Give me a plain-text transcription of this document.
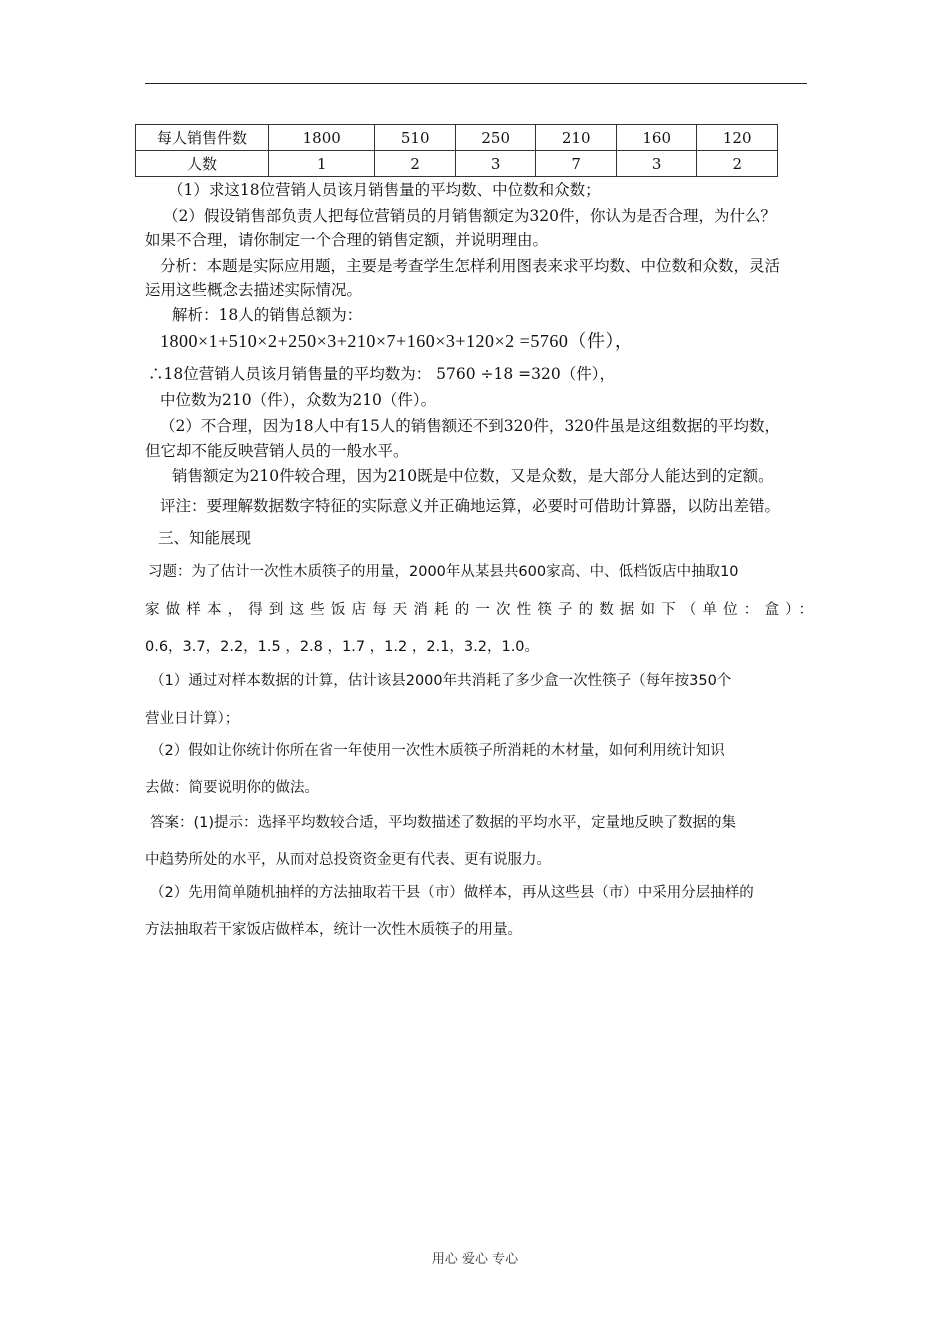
每人销售件数	1800	510	250	210	160	120
人数	1	2	3	7	3	2
（1）求这18位营销人员该月销售量的平均数、中位数和众数；
（2）假设销售部负责人把每位营销员的月销售额定为320件，你认为是否合理，为什么？
如果不合理，请你制定一个合理的销售定额，并说明理由。
分析：本题是实际应用题，主要是考查学生怎样利用图表来求平均数、中位数和众数，灵活
运用这些概念去描述实际情况。
解析：18人的销售总额为：
1800×1+510×2+250×3+210×7+160×3+120×2 =5760（件），
∴18位营销人员该月销售量的平均数为： 5760 ÷18 =320（件），
中位数为210（件），众数为210（件）。
（2）不合理，因为18人中有15人的销售额还不到320件，320件虽是这组数据的平均数，
但它却不能反映营销人员的一般水平。
销售额定为210件较合理，因为210既是中位数，又是众数，是大部分人能达到的定额。
评注：要理解数据数字特征的实际意义并正确地运算，必要时可借助计算器，以防出差错。
三、知能展现
习题：为了估计一次性木质筷子的用量，2000年从某县共600家高、中、低档饭店中抽取10
家做样本，得到这些饭店每天消耗的一次性筷子的数据如下（单位：盒）：
0.6，3.7，2.2，1.5 ，2.8 ，1.7 ，1.2 ，2.1，3.2，1.0。
（1）通过对样本数据的计算，估计该县2000年共消耗了多少盒一次性筷子（每年按350个
营业日计算）；
（2）假如让你统计你所在省一年使用一次性木质筷子所消耗的木材量，如何利用统计知识
去做：简要说明你的做法。
答案：(1)提示：选择平均数较合适，平均数描述了数据的平均水平，定量地反映了数据的集
中趋势所处的水平，从而对总投资资金更有代表、更有说服力。
（2）先用简单随机抽样的方法抽取若干县（市）做样本，再从这些县（市）中采用分层抽样的
方法抽取若干家饭店做样本，统计一次性木质筷子的用量。
用心 爱心 专心
